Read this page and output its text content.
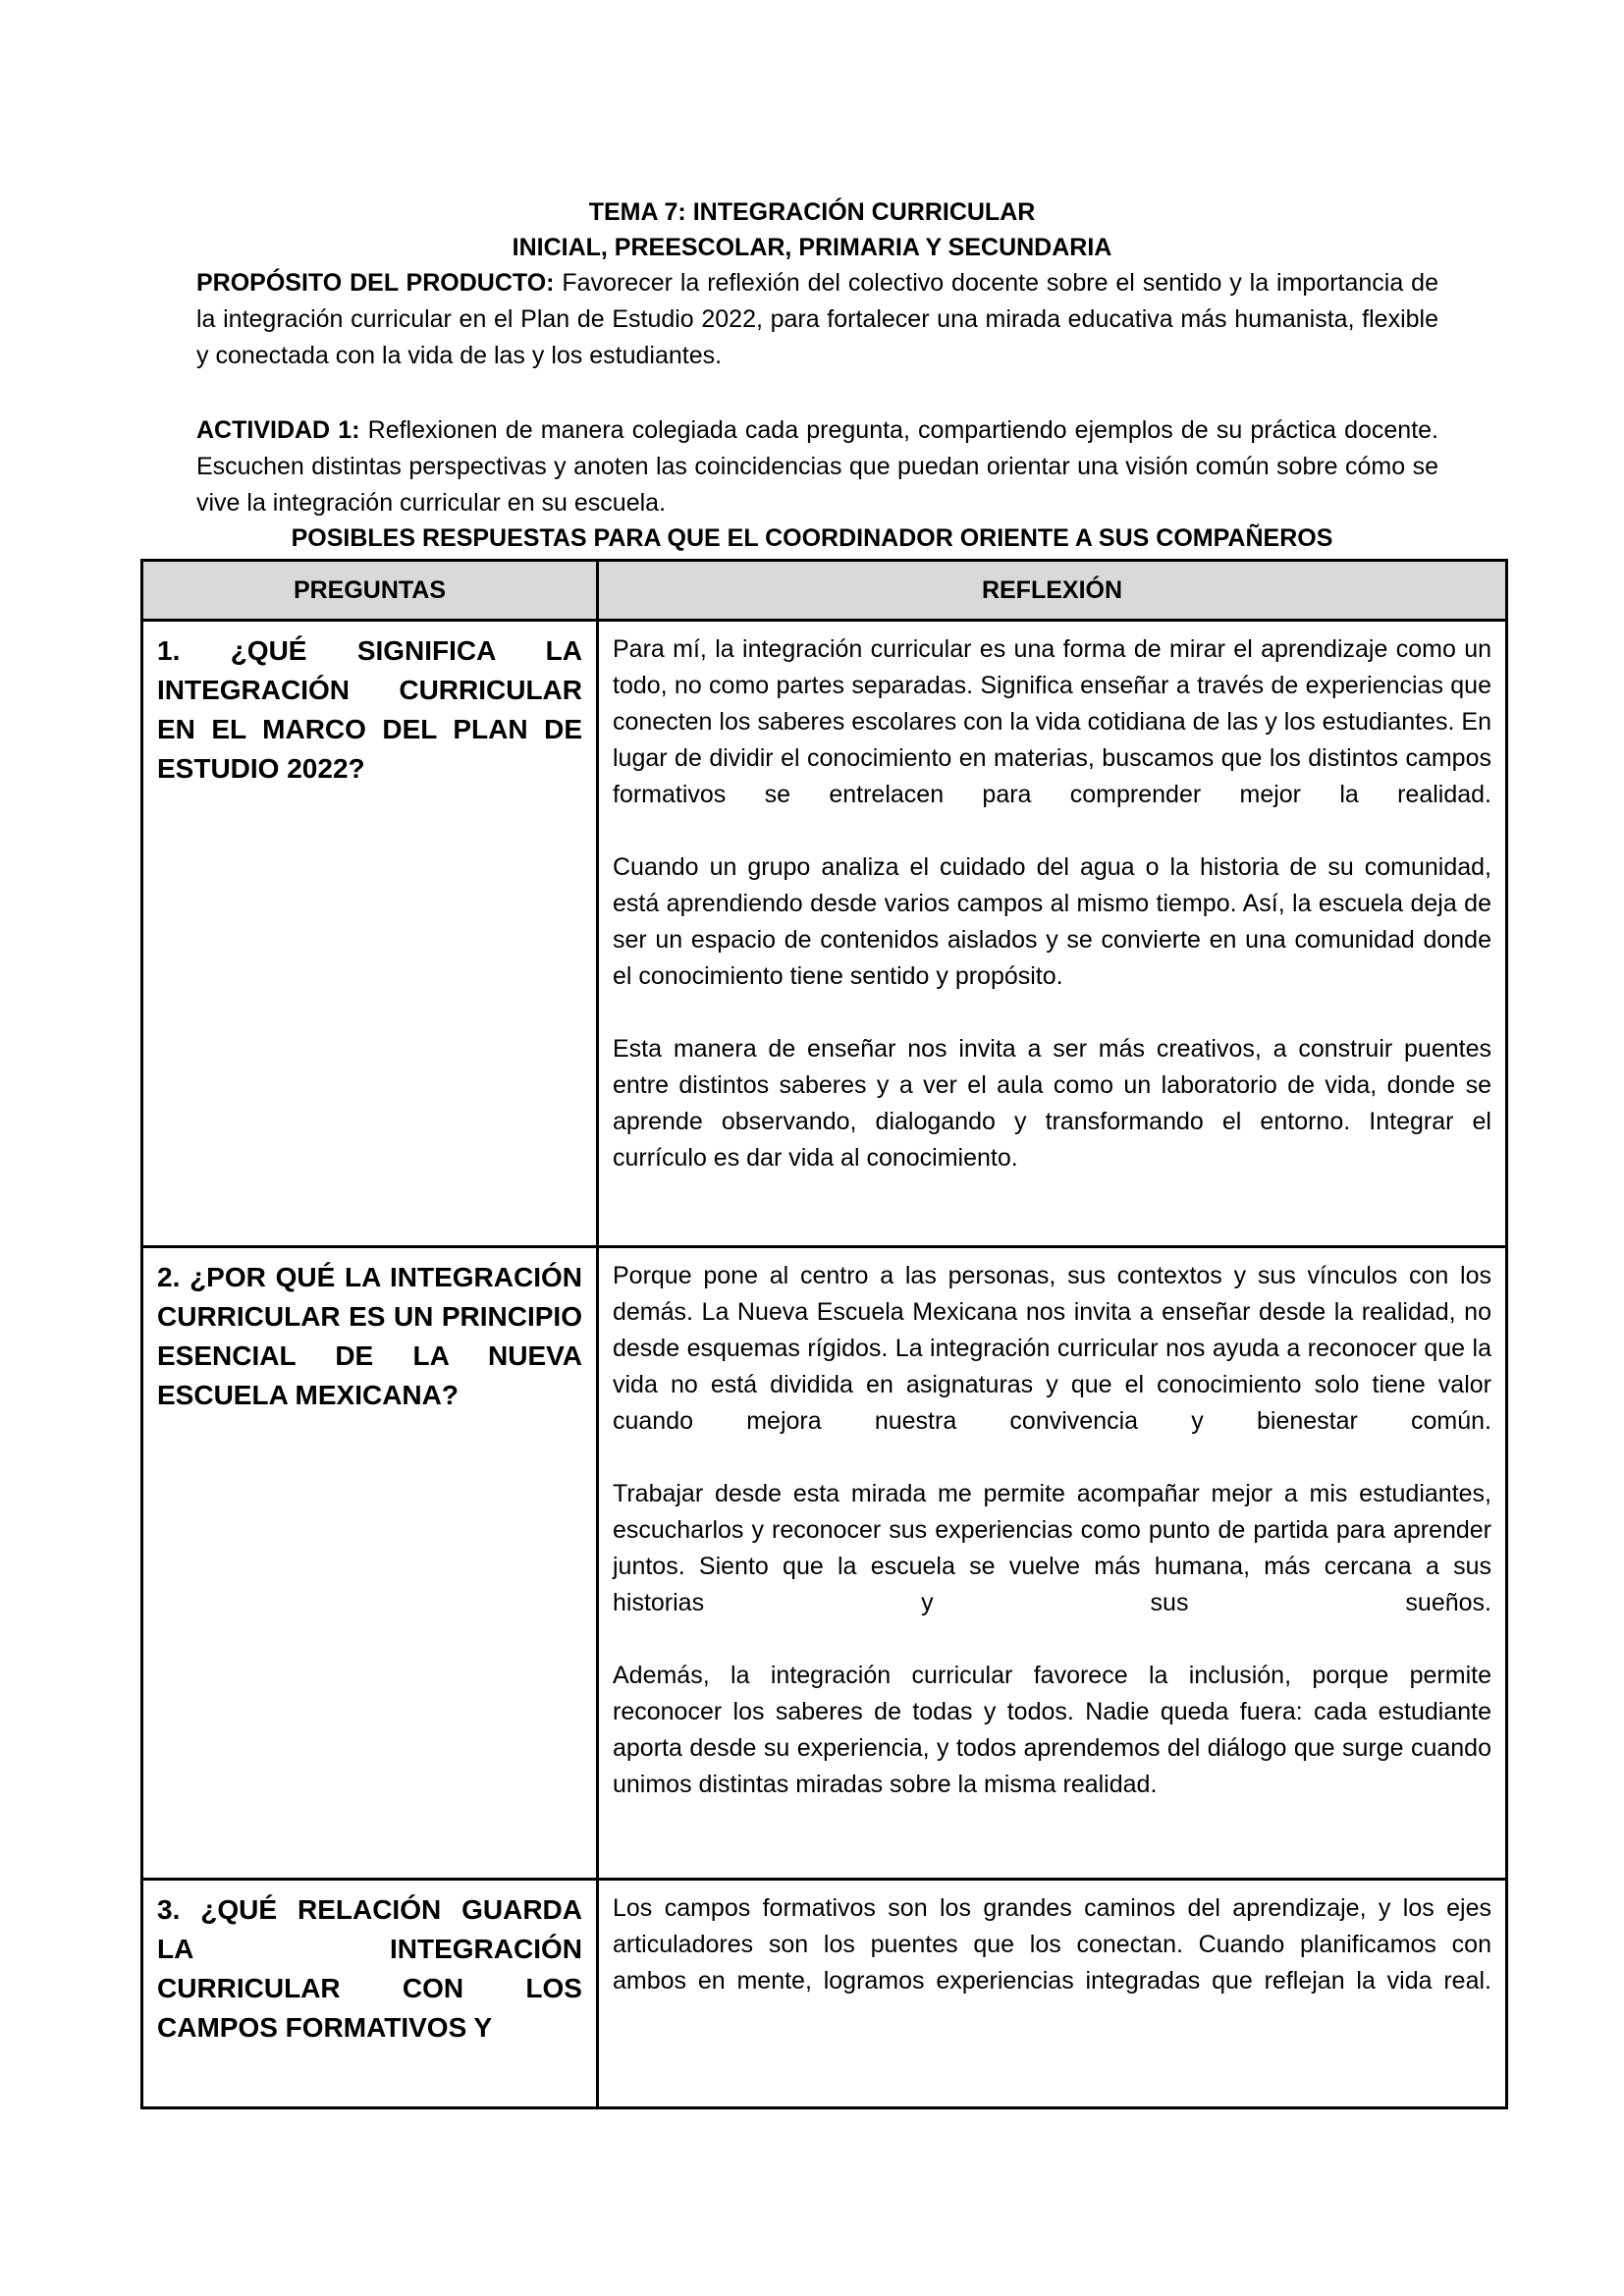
TEMA 7: INTEGRACIÓN CURRICULAR
INICIAL, PREESCOLAR, PRIMARIA Y SECUNDARIA
PROPÓSITO DEL PRODUCTO: Favorecer la reflexión del colectivo docente sobre el sentido y la importancia de la integración curricular en el Plan de Estudio 2022, para fortalecer una mirada educativa más humanista, flexible y conectada con la vida de las y los estudiantes.
ACTIVIDAD 1: Reflexionen de manera colegiada cada pregunta, compartiendo ejemplos de su práctica docente. Escuchen distintas perspectivas y anoten las coincidencias que puedan orientar una visión común sobre cómo se vive la integración curricular en su escuela.
POSIBLES RESPUESTAS PARA QUE EL COORDINADOR ORIENTE A SUS COMPAÑEROS
PREGUNTAS	REFLEXIÓN

1. ¿QUÉ SIGNIFICA LA INTEGRACIÓN CURRICULAR EN EL MARCO DEL PLAN DE ESTUDIO 2022?	Para mí, la integración curricular es una forma de mirar el aprendizaje como un todo, no como partes separadas. Significa enseñar a través de experiencias que conecten los saberes escolares con la vida cotidiana de las y los estudiantes. En lugar de dividir el conocimiento en materias, buscamos que los distintos campos formativos se entrelacen para comprender mejor la realidad.

Cuando un grupo analiza el cuidado del agua o la historia de su comunidad, está aprendiendo desde varios campos al mismo tiempo. Así, la escuela deja de ser un espacio de contenidos aislados y se convierte en una comunidad donde el conocimiento tiene sentido y propósito.

Esta manera de enseñar nos invita a ser más creativos, a construir puentes entre distintos saberes y a ver el aula como un laboratorio de vida, donde se aprende observando, dialogando y transformando el entorno. Integrar el currículo es dar vida al conocimiento.

2. ¿POR QUÉ LA INTEGRACIÓN CURRICULAR ES UN PRINCIPIO ESENCIAL DE LA NUEVA ESCUELA MEXICANA?	Porque pone al centro a las personas, sus contextos y sus vínculos con los demás. La Nueva Escuela Mexicana nos invita a enseñar desde la realidad, no desde esquemas rígidos. La integración curricular nos ayuda a reconocer que la vida no está dividida en asignaturas y que el conocimiento solo tiene valor cuando mejora nuestra convivencia y bienestar común.

Trabajar desde esta mirada me permite acompañar mejor a mis estudiantes, escucharlos y reconocer sus experiencias como punto de partida para aprender juntos. Siento que la escuela se vuelve más humana, más cercana a sus historias y sus sueños.

Además, la integración curricular favorece la inclusión, porque permite reconocer los saberes de todas y todos. Nadie queda fuera: cada estudiante aporta desde su experiencia, y todos aprendemos del diálogo que surge cuando unimos distintas miradas sobre la misma realidad.

3. ¿QUÉ RELACIÓN GUARDA LA INTEGRACIÓN CURRICULAR CON LOS CAMPOS FORMATIVOS Y	Los campos formativos son los grandes caminos del aprendizaje, y los ejes articuladores son los puentes que los conectan. Cuando planificamos con ambos en mente, logramos experiencias integradas que reflejan la vida real.
